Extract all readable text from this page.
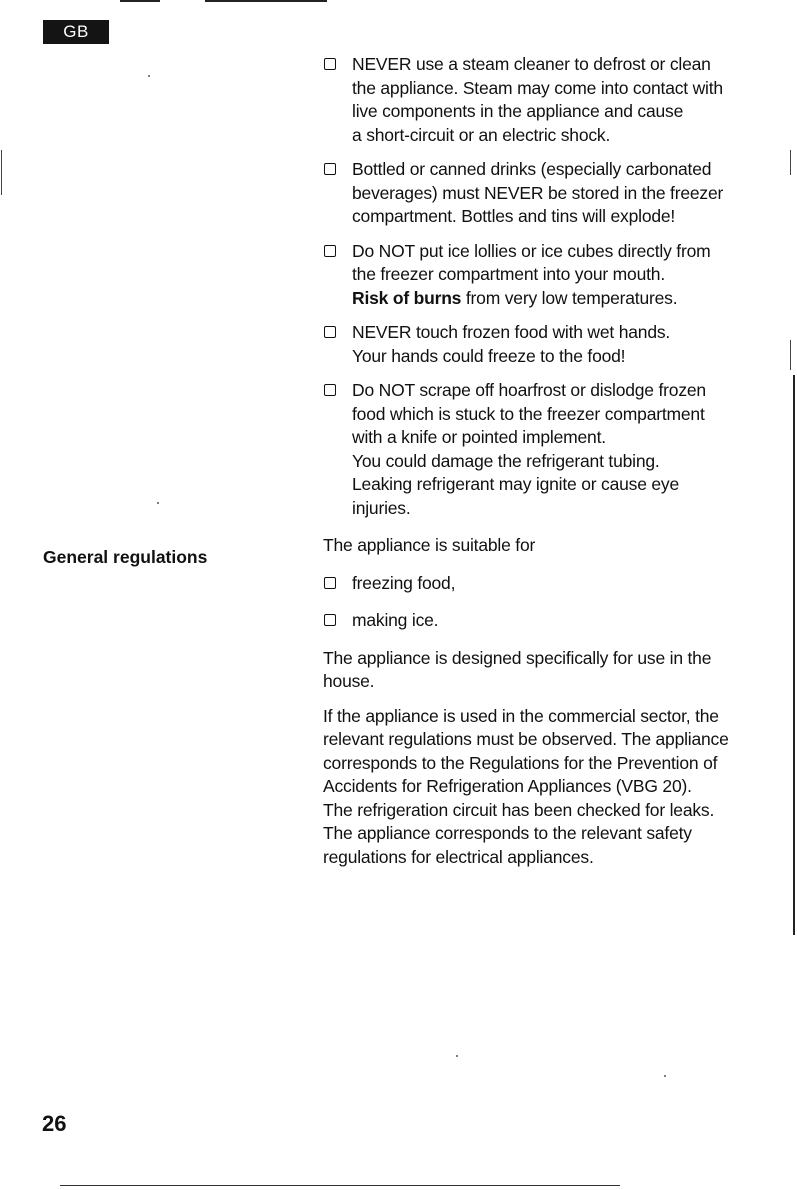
GB
General regulations
NEVER use a steam cleaner to defrost or clean
the appliance. Steam may come into contact with
live components in the appliance and cause
a short-circuit or an electric shock.
Bottled or canned drinks (especially carbonated
beverages) must NEVER be stored in the freezer
compartment. Bottles and tins will explode!
Do NOT put ice lollies or ice cubes directly from
the freezer compartment into your mouth.
Risk of burns from very low temperatures.
NEVER touch frozen food with wet hands.
Your hands could freeze to the food!
Do NOT scrape off hoarfrost or dislodge frozen
food which is stuck to the freezer compartment
with a knife or pointed implement.
You could damage the refrigerant tubing.
Leaking refrigerant may ignite or cause eye
injuries.

The appliance is suitable for

freezing food,
making ice.

The appliance is designed specifically for use in the
house.

If the appliance is used in the commercial sector, the
relevant regulations must be observed. The appliance
corresponds to the Regulations for the Prevention of
Accidents for Refrigeration Appliances (VBG 20).
The refrigeration circuit has been checked for leaks.
The appliance corresponds to the relevant safety
regulations for electrical appliances.

26
